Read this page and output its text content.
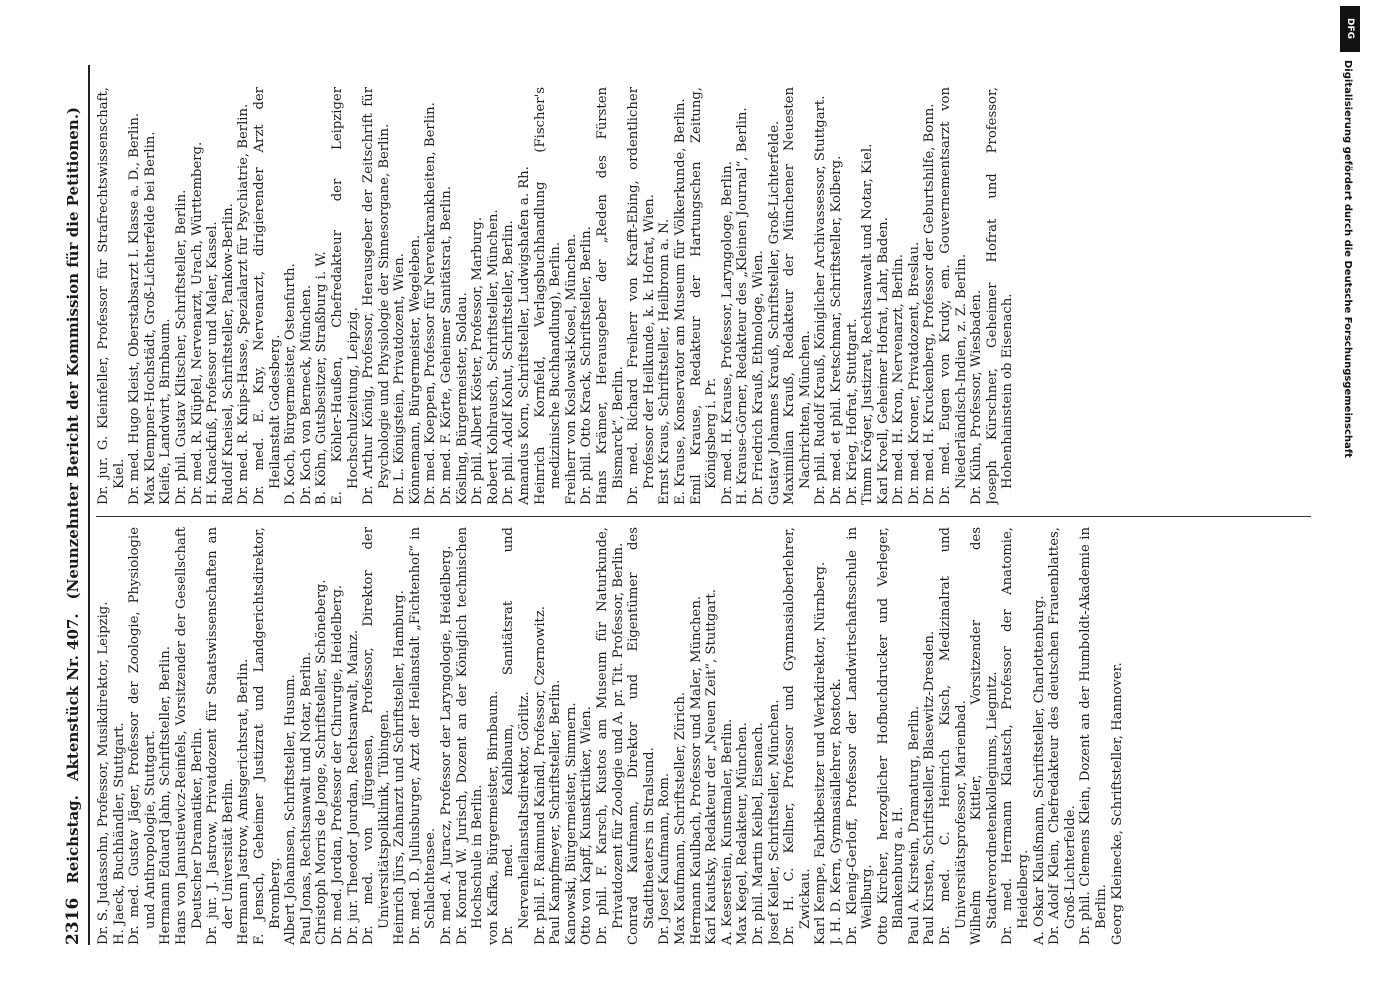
2316
Reichstag.
Aktenstück Nr. 407.
(Neunzehnter Bericht der Kommission für die Petitionen.)

Dr. S. Judassohn, Professor, Musikdirektor, Leipzig. H. Jaeck, Buchhändler, Stuttgart. Dr. med. Gustav Jäger, Professor der Zoologie, Physiologie und Anthropologie, Stuttgart. Hermann Eduard Jahn, Schriftsteller, Berlin. Hans von Janustiewicz-Reinfels, Vorsitzender der Gesellschaft Deutscher Dramatiker, Berlin. Dr. jur. J. Jastrow, Privatdozent für Staatswissenschaften an der Universität Berlin. Hermann Jastrow, Amtsgerichtsrat, Berlin. F. Jensch, Geheimer Justizrat und Landgerichtsdirektor, Bromberg. Albert Johannsen, Schriftsteller, Husum. Paul Jonas, Rechtsanwalt und Notar, Berlin. Christoph Morris de Jonge, Schriftsteller, Schöneberg. Dr. med. Jordan, Professor der Chirurgie, Heidelberg. Dr. jur. Theodor Jourdan, Rechtsanwalt, Mainz. Dr. med. von Jürgensen, Professor, Direktor der Universitätspoliklinik, Tübingen. Heinrich Jürs, Zahnarzt und Schriftsteller, Hamburg. Dr. med. D. Juliusburger, Arzt der Heilanstalt „Fichtenhof“ in Schlachtensee. Dr. med. A. Juracz, Professor der Laryngologie, Heidelberg. Dr. Konrad W. Jurisch, Dozent an der Königlich technischen Hochschule in Berlin. von Kaffka, Bürgermeister, Birnbaum. Dr. med. Kahlbaum, Sanitätsrat und Nervenheilanstaltsdirektor, Görlitz. Dr. phil. F. Raimund Kaindl, Professor, Czernowitz. Paul Kampfmeyer, Schriftsteller, Berlin. Kanowski, Bürgermeister, Simmern. Otto von Kapff, Kunstkritiker, Wien. Dr. phil. F. Karsch, Kustos am Museum für Naturkunde, Privatdozent für Zoologie und A. pr. Tit. Professor, Berlin. Conrad Kaufmann, Direktor und Eigentümer des Stadttheaters in Stralsund. Dr. Josef Kaufmann, Rom. Max Kaufmann, Schriftsteller, Zürich. Hermann Kaulbach, Professor und Maler, München. Karl Kautsky, Redakteur der „Neuen Zeit“, Stuttgart. A. Keserstein, Kunstmaler, Berlin. Max Kegel, Redakteur, München. Dr. phil. Martin Keibel, Eisenach. Josef Keller, Schriftsteller, München. Dr. H. C. Kellner, Professor und Gymnasialoberlehrer, Zwickau. Karl Kempe, Fabrikbesitzer und Werkdirektor, Nürnberg. J. H. D. Kern, Gymnasiallehrer, Rostock. Dr. Klenig-Gerloff, Professor der Landwirtschaftsschule in Weilburg. Otto Kircher, herzoglicher Hofbuchdrucker und Verleger, Blankenburg a. H. Paul A. Kirstein, Dramaturg, Berlin. Paul Kirsten, Schriftsteller, Blasewitz-Dresden. Dr. med. C. Heinrich Kisch, Medizinalrat und Universitätsprofessor, Marienbad. Wilhelm Kittler, Vorsitzender des Stadtverordnetenkollegiums, Liegnitz. Dr. med. Hermann Klaatsch, Professor der Anatomie, Heidelberg. A. Oskar Klaußmann, Schriftsteller, Charlottenburg. Dr. Adolf Klein, Chefredakteur des deutschen Frauenblattes, Groß-Lichterfelde. Dr. phil. Clemens Klein, Dozent an der Humboldt-Akademie in Berlin. Georg Kleinecke, Schriftsteller, Hannover.

Dr. jur. G. Kleinfeller, Professor für Strafrechtswissenschaft, Kiel. Dr. med. Hugo Kleist, Oberstabsarzt I. Klasse a. D., Berlin. Max Klempner-Hochstädt, Groß-Lichterfelde bei Berlin. Kleife, Landwirt, Birnbaum. Dr. phil. Gustav Klitscher, Schriftsteller, Berlin. Dr. med. R. Klüpfel, Nervenarzt, Urach, Württemberg. H. Knackfuß, Professor und Maler, Kassel. Rudolf Kneisel, Schriftsteller, Pankow-Berlin. Dr. med. R. Knips-Hasse, Spezialarzt für Psychiatrie, Berlin. Dr. med. E. Kny, Nervenarzt, dirigierender Arzt der Heilanstalt Godesberg. D. Koch, Bürgermeister, Ostenfurth. Dr. Koch von Berneck, München. B. Köhn, Gutsbesitzer, Straßburg i. W. E. Köhler-Haußen, Chefredakteur der Leipziger Hochschulzeitung, Leipzig. Dr. Arthur König, Professor, Herausgeber der Zeitschrift für Psychologie und Physiologie der Sinnesorgane, Berlin. Dr. L. Königstein, Privatdozent, Wien. Könnemann, Bürgermeister, Wegeleben. Dr. med. Koeppen, Professor für Nervenkrankheiten, Berlin. Dr. med. F. Körte, Geheimer Sanitätsrat, Berlin. Kösling, Bürgermeister, Soldau. Dr. phil. Albert Köster, Professor, Marburg. Robert Kohlrausch, Schriftsteller, München. Dr. phil. Adolf Kohut, Schriftsteller, Berlin. Amandus Korn, Schriftsteller, Ludwigshafen a. Rh. Heinrich Kornfeld, Verlagsbuchhandlung (Fischer's medizinische Buchhandlung), Berlin. Freiherr von Koslowski-Kosel, München. Dr. phil. Otto Krack, Schriftsteller, Berlin. Hans Krämer, Herausgeber der „Reden des Fürsten Bismarck“, Berlin. Dr. med. Richard Freiherr von Krafft-Ebing, ordentlicher Professor der Heilkunde, k. k. Hofrat, Wien. Ernst Kraus, Schriftsteller, Heilbronn a. N. E. Krause, Konservator am Museum für Völkerkunde, Berlin. Emil Krause, Redakteur der Hartungschen Zeitung, Königsberg i. Pr. Dr. med. H. Krause, Professor, Laryngologe, Berlin. H. Krause-Görner, Redakteur des „Kleinen Journal“, Berlin. Dr. Friedrich Krauß, Ethnologe, Wien. Gustav Johannes Krauß, Schriftsteller, Groß-Lichterfelde. Maximilian Krauß, Redakteur der Münchener Neuesten Nachrichten, München. Dr. phil. Rudolf Krauß, Königlicher Archivassessor, Stuttgart. Dr. med. et phil. Kretschmar, Schriftsteller, Kolberg. Dr. Krieg, Hofrat, Stuttgart. Timm Kröger, Justizrat, Rechtsanwalt und Notar, Kiel. Karl Kroell, Geheimer Hofrat, Lahr, Baden. Dr. med. H. Kron, Nervenarzt, Berlin. Dr. med. Kroner, Privatdozent, Breslau. Dr. med. H. Kruckenberg, Professor der Geburtshilfe, Bonn. Dr. med. Eugen von Krudy, em. Gouvernementsarzt von Niederländisch-Indien, z. Z. Berlin. Dr. Kühn, Professor, Wiesbaden. Joseph Kürschner, Geheimer Hofrat und Professor, Hohenhainstein ob Eisenach.

DFG
Digitalisierung gefördert durch die Deutsche Forschungsgemeinschaft
